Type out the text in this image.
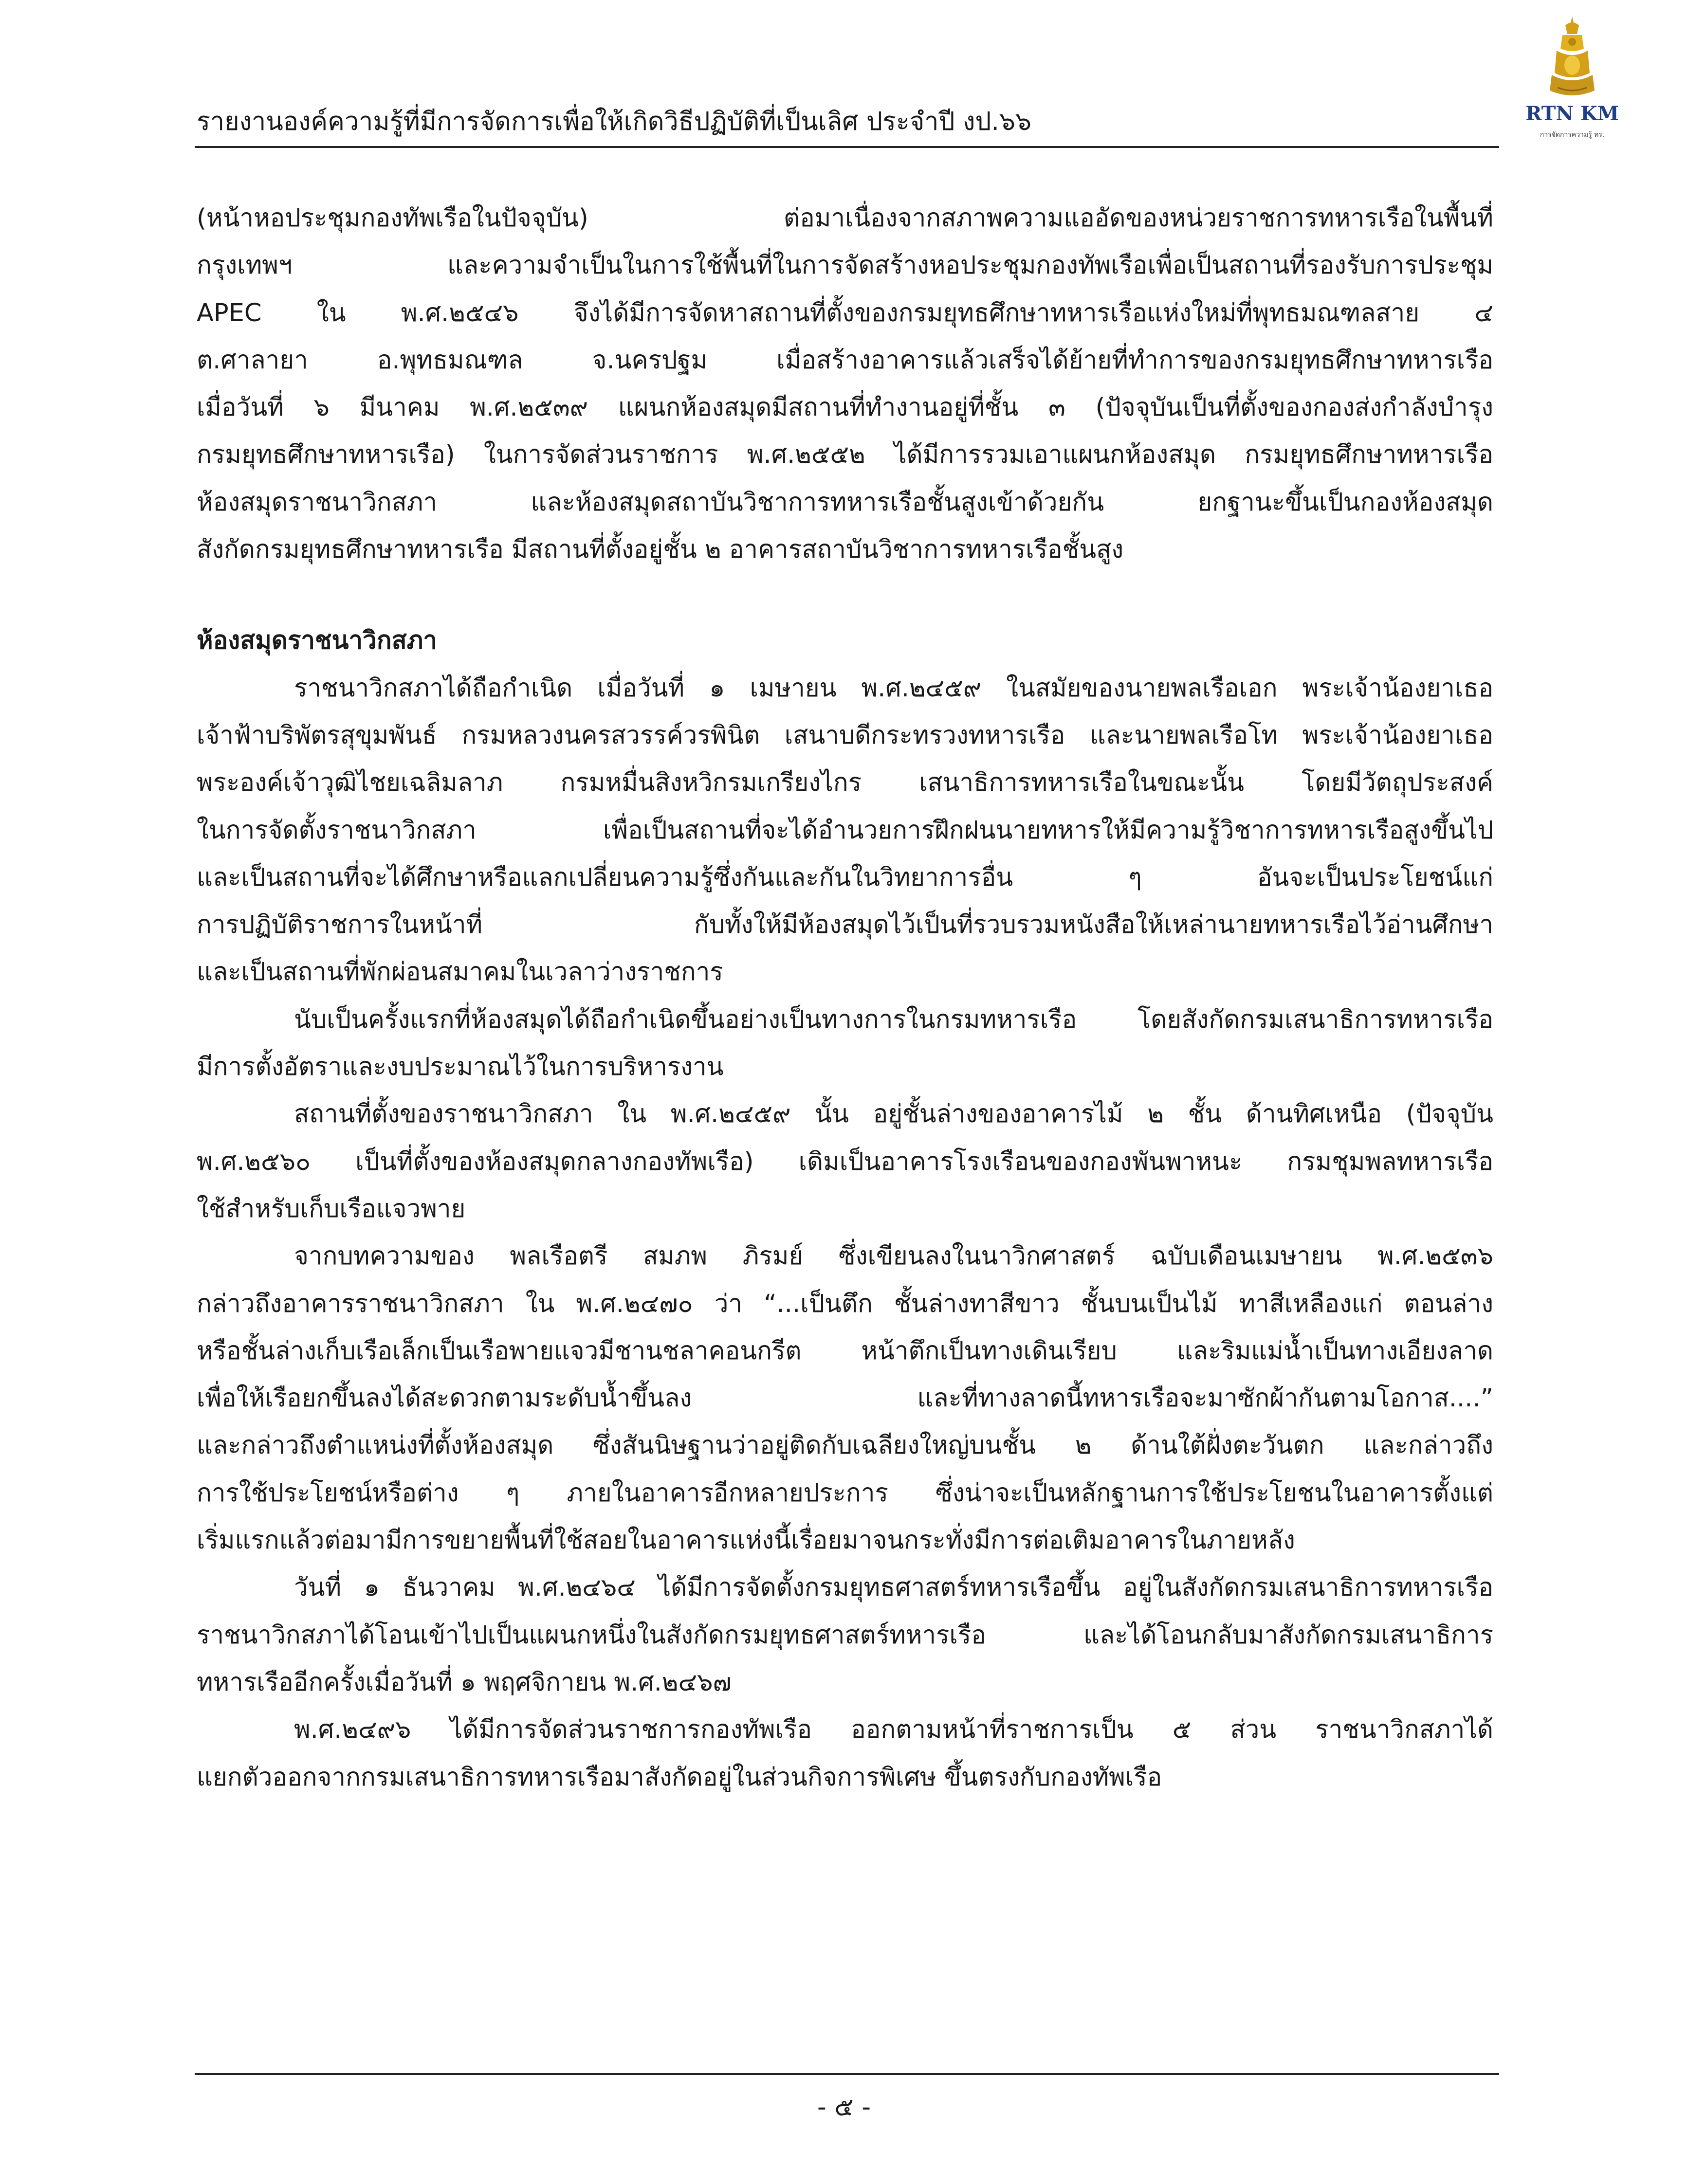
รายงานองค์ความรู้ที่มีการจัดการเพื่อให้เกิดวิธีปฏิบัติที่เป็นเลิศ ประจำปี งป.๖๖	RTN KM
การจัดการความรู้ ทร.
(หน้าหอประชุมกองทัพเรือในปัจจุบัน) ต่อมาเนื่องจากสภาพความแออัดของหน่วยราชการทหารเรือในพื้นที่
กรุงเทพฯ และความจำเป็นในการใช้พื้นที่ในการจัดสร้างหอประชุมกองทัพเรือเพื่อเป็นสถานที่รองรับการประชุม
APEC ใน พ.ศ.๒๕๔๖ จึงได้มีการจัดหาสถานที่ตั้งของกรมยุทธศึกษาทหารเรือแห่งใหม่ที่พุทธมณฑลสาย ๔
ต.ศาลายา อ.พุทธมณฑล จ.นครปฐม เมื่อสร้างอาคารแล้วเสร็จได้ย้ายที่ทำการของกรมยุทธศึกษาทหารเรือ
เมื่อวันที่ ๖ มีนาคม พ.ศ.๒๕๓๙ แผนกห้องสมุดมีสถานที่ทำงานอยู่ที่ชั้น ๓ (ปัจจุบันเป็นที่ตั้งของกองส่งกำลังบำรุง
กรมยุทธศึกษาทหารเรือ) ในการจัดส่วนราชการ พ.ศ.๒๕๕๒ ได้มีการรวมเอาแผนกห้องสมุด กรมยุทธศึกษาทหารเรือ
ห้องสมุดราชนาวิกสภา และห้องสมุดสถาบันวิชาการทหารเรือชั้นสูงเข้าด้วยกัน ยกฐานะขึ้นเป็นกองห้องสมุด
สังกัดกรมยุทธศึกษาทหารเรือ มีสถานที่ตั้งอยู่ชั้น ๒ อาคารสถาบันวิชาการทหารเรือชั้นสูง
ห้องสมุดราชนาวิกสภา
ราชนาวิกสภาได้ถือกำเนิด เมื่อวันที่ ๑ เมษายน พ.ศ.๒๔๕๙ ในสมัยของนายพลเรือเอก พระเจ้าน้องยาเธอ
เจ้าฟ้าบริพัตรสุขุมพันธ์ กรมหลวงนครสวรรค์วรพินิต เสนาบดีกระทรวงทหารเรือ และนายพลเรือโท พระเจ้าน้องยาเธอ
พระองค์เจ้าวุฒิไชยเฉลิมลาภ กรมหมื่นสิงหวิกรมเกรียงไกร เสนาธิการทหารเรือในขณะนั้น โดยมีวัตถุประสงค์
ในการจัดตั้งราชนาวิกสภา เพื่อเป็นสถานที่จะได้อำนวยการฝึกฝนนายทหารให้มีความรู้วิชาการทหารเรือสูงขึ้นไป
และเป็นสถานที่จะได้ศึกษาหรือแลกเปลี่ยนความรู้ซึ่งกันและกันในวิทยาการอื่น ๆ อันจะเป็นประโยชน์แก่
การปฏิบัติราชการในหน้าที่ กับทั้งให้มีห้องสมุดไว้เป็นที่รวบรวมหนังสือให้เหล่านายทหารเรือไว้อ่านศึกษา
และเป็นสถานที่พักผ่อนสมาคมในเวลาว่างราชการ
นับเป็นครั้งแรกที่ห้องสมุดได้ถือกำเนิดขึ้นอย่างเป็นทางการในกรมทหารเรือ โดยสังกัดกรมเสนาธิการทหารเรือ
มีการตั้งอัตราและงบประมาณไว้ในการบริหารงาน
สถานที่ตั้งของราชนาวิกสภา ใน พ.ศ.๒๔๕๙ นั้น อยู่ชั้นล่างของอาคารไม้ ๒ ชั้น ด้านทิศเหนือ (ปัจจุบัน
พ.ศ.๒๕๖๐ เป็นที่ตั้งของห้องสมุดกลางกองทัพเรือ) เดิมเป็นอาคารโรงเรือนของกองพันพาหนะ กรมชุมพลทหารเรือ
ใช้สำหรับเก็บเรือแจวพาย
จากบทความของ พลเรือตรี สมภพ ภิรมย์ ซึ่งเขียนลงในนาวิกศาสตร์ ฉบับเดือนเมษายน พ.ศ.๒๕๓๖
กล่าวถึงอาคารราชนาวิกสภา ใน พ.ศ.๒๔๗๐ ว่า “...เป็นตึก ชั้นล่างทาสีขาว ชั้นบนเป็นไม้ ทาสีเหลืองแก่ ตอนล่าง
หรือชั้นล่างเก็บเรือเล็กเป็นเรือพายแจวมีชานชลาคอนกรีต หน้าตึกเป็นทางเดินเรียบ และริมแม่น้ำเป็นทางเอียงลาด
เพื่อให้เรือยกขึ้นลงได้สะดวกตามระดับน้ำขึ้นลง และที่ทางลาดนี้ทหารเรือจะมาซักผ้ากันตามโอกาส....”
และกล่าวถึงตำแหน่งที่ตั้งห้องสมุด ซึ่งสันนิษฐานว่าอยู่ติดกับเฉลียงใหญ่บนชั้น ๒ ด้านใต้ฝั่งตะวันตก และกล่าวถึง
การใช้ประโยชน์หรือต่าง ๆ ภายในอาคารอีกหลายประการ ซึ่งน่าจะเป็นหลักฐานการใช้ประโยชนในอาคารตั้งแต่
เริ่มแรกแล้วต่อมามีการขยายพื้นที่ใช้สอยในอาคารแห่งนี้เรื่อยมาจนกระทั่งมีการต่อเติมอาคารในภายหลัง
วันที่ ๑ ธันวาคม พ.ศ.๒๔๖๔ ได้มีการจัดตั้งกรมยุทธศาสตร์ทหารเรือขึ้น อยู่ในสังกัดกรมเสนาธิการทหารเรือ
ราชนาวิกสภาได้โอนเข้าไปเป็นแผนกหนึ่งในสังกัดกรมยุทธศาสตร์ทหารเรือ และได้โอนกลับมาสังกัดกรมเสนาธิการ
ทหารเรืออีกครั้งเมื่อวันที่ ๑ พฤศจิกายน พ.ศ.๒๔๖๗
พ.ศ.๒๔๙๖ ได้มีการจัดส่วนราชการกองทัพเรือ ออกตามหน้าที่ราชการเป็น ๕ ส่วน ราชนาวิกสภาได้
แยกตัวออกจากกรมเสนาธิการทหารเรือมาสังกัดอยู่ในส่วนกิจการพิเศษ ขึ้นตรงกับกองทัพเรือ
- ๕ -
